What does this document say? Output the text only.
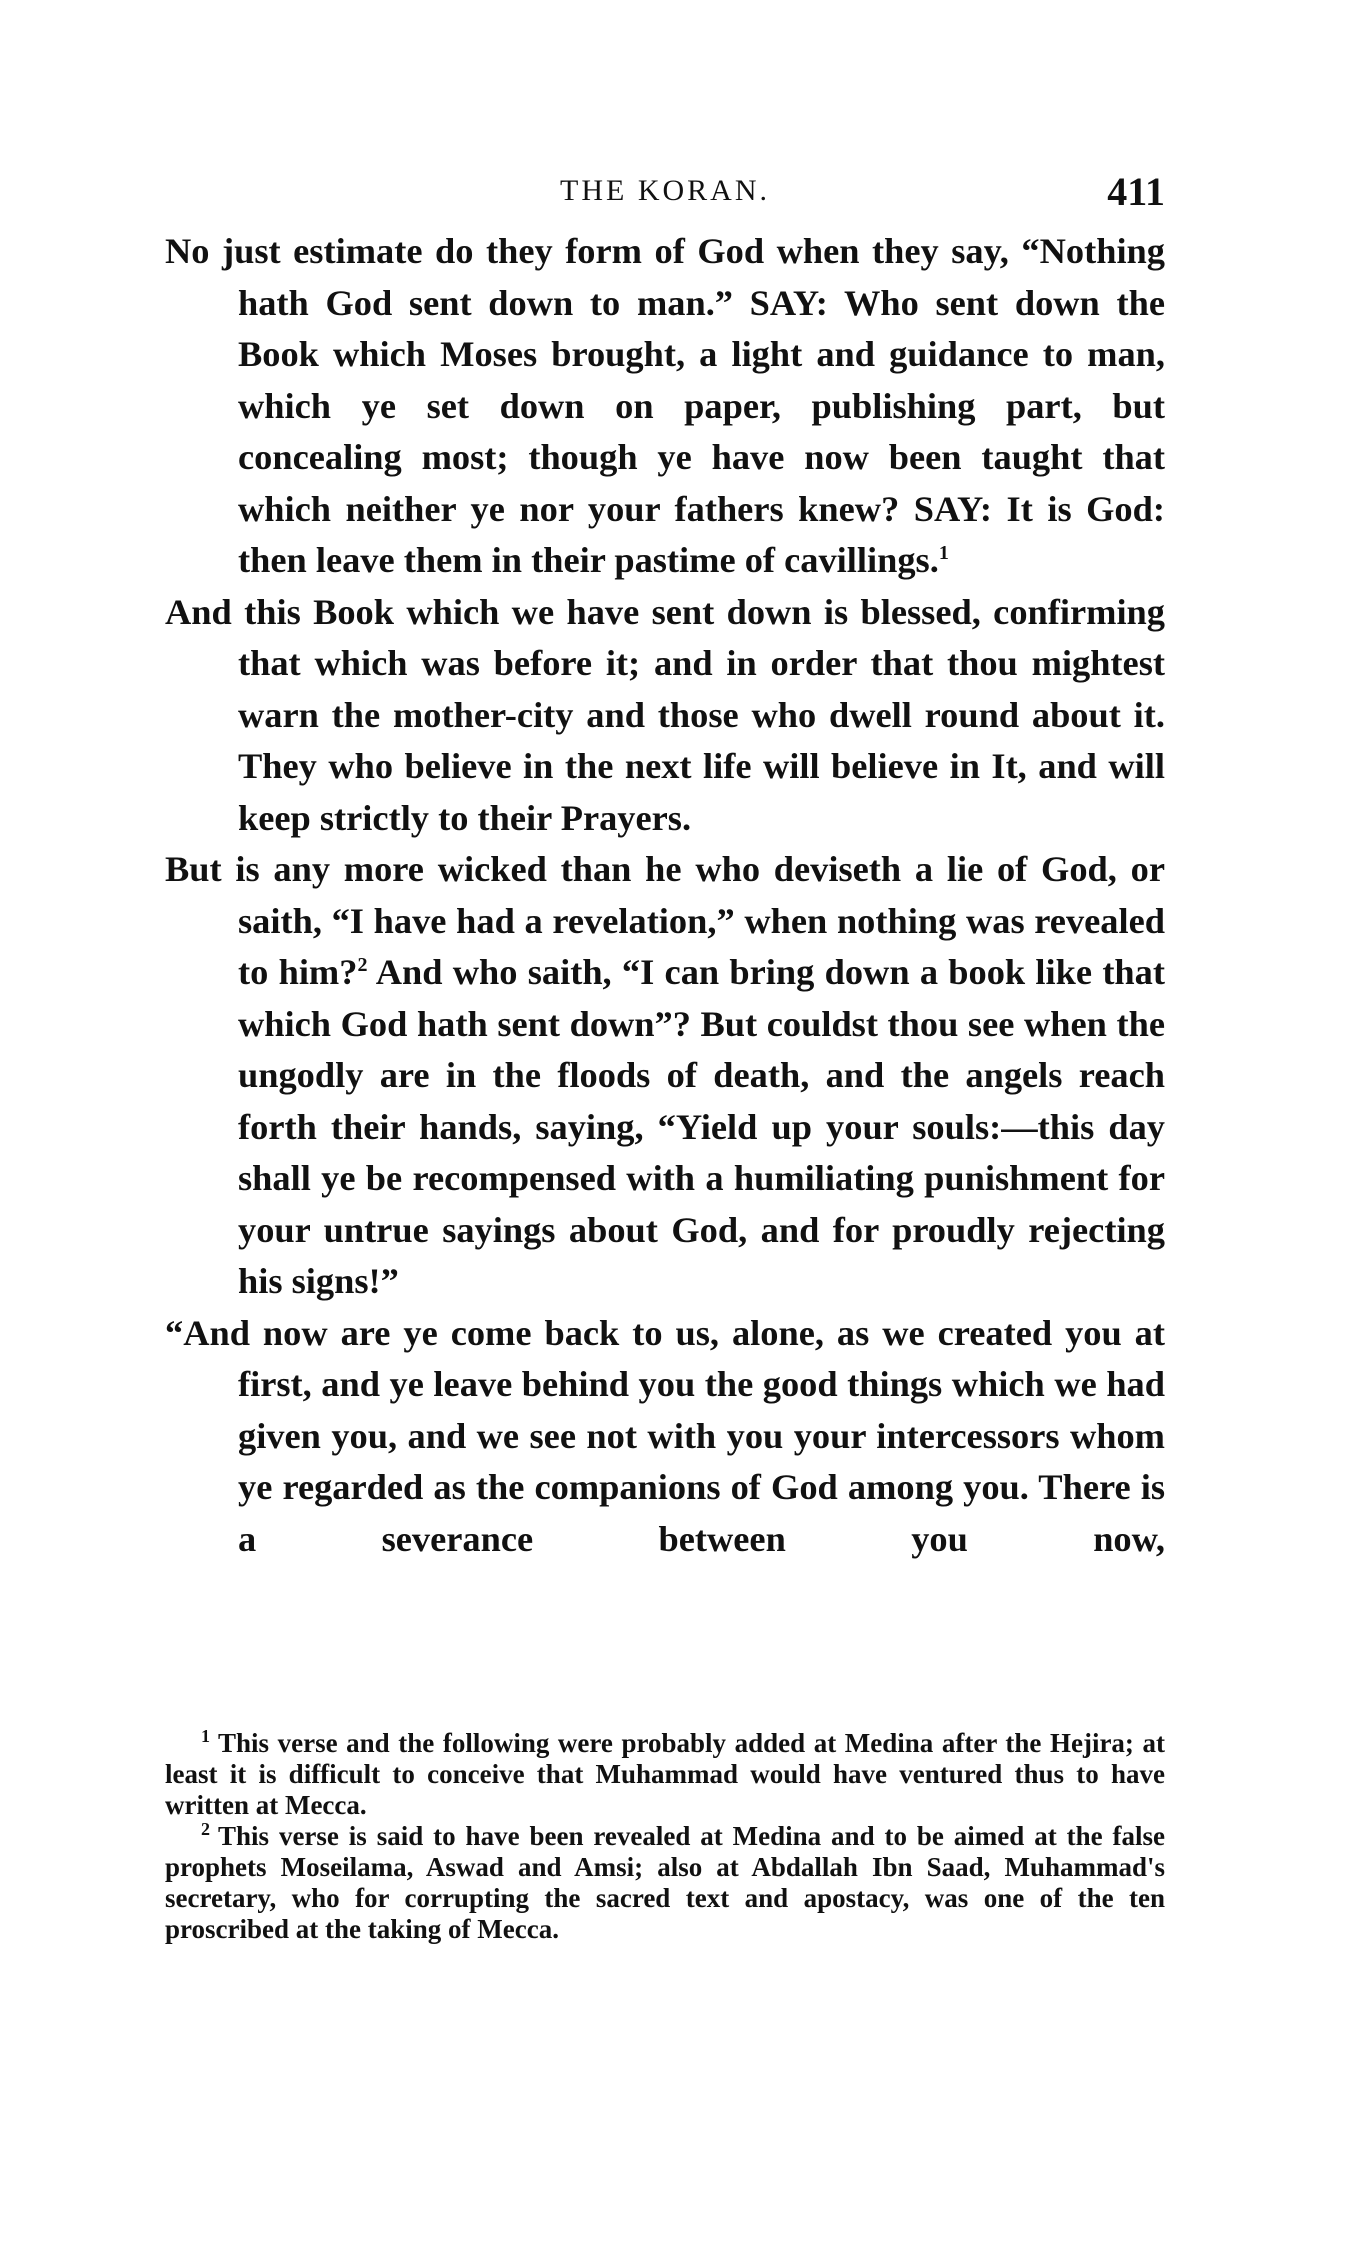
THE KORAN.	411

No just estimate do they form of God when they say, “Nothing hath God sent down to man.” SAY: Who sent down the Book which Moses brought, a light and guidance to man, which ye set down on paper, publishing part, but concealing most; though ye have now been taught that which neither ye nor your fathers knew? SAY: It is God: then leave them in their pastime of cavillings.$^1$

And this Book which we have sent down is blessed, confirming that which was before it; and in order that thou mightest warn the mother-city and those who dwell round about it. They who believe in the next life will believe in It, and will keep strictly to their Prayers.

But is any more wicked than he who deviseth a lie of God, or saith, “I have had a revelation,” when nothing was revealed to him?$^2$ And who saith, “I can bring down a book like that which God hath sent down”? But couldst thou see when the ungodly are in the floods of death, and the angels reach forth their hands, saying, “Yield up your souls:—this day shall ye be recompensed with a humiliating punishment for your untrue sayings about God, and for proudly rejecting his signs!”

“And now are ye come back to us, alone, as we created you at first, and ye leave behind you the good things which we had given you, and we see not with you your intercessors whom ye regarded as the companions of God among you. There is a severance between you now,

$^1$ This verse and the following were probably added at Medina after the Hejira; at least it is difficult to conceive that Muhammad would have ventured thus to have written at Mecca.

$^2$ This verse is said to have been revealed at Medina and to be aimed at the false prophets Moseilama, Aswad and Amsi; also at Abdallah Ibn Saad, Muhammad's secretary, who for corrupting the sacred text and apostacy, was one of the ten proscribed at the taking of Mecca.
